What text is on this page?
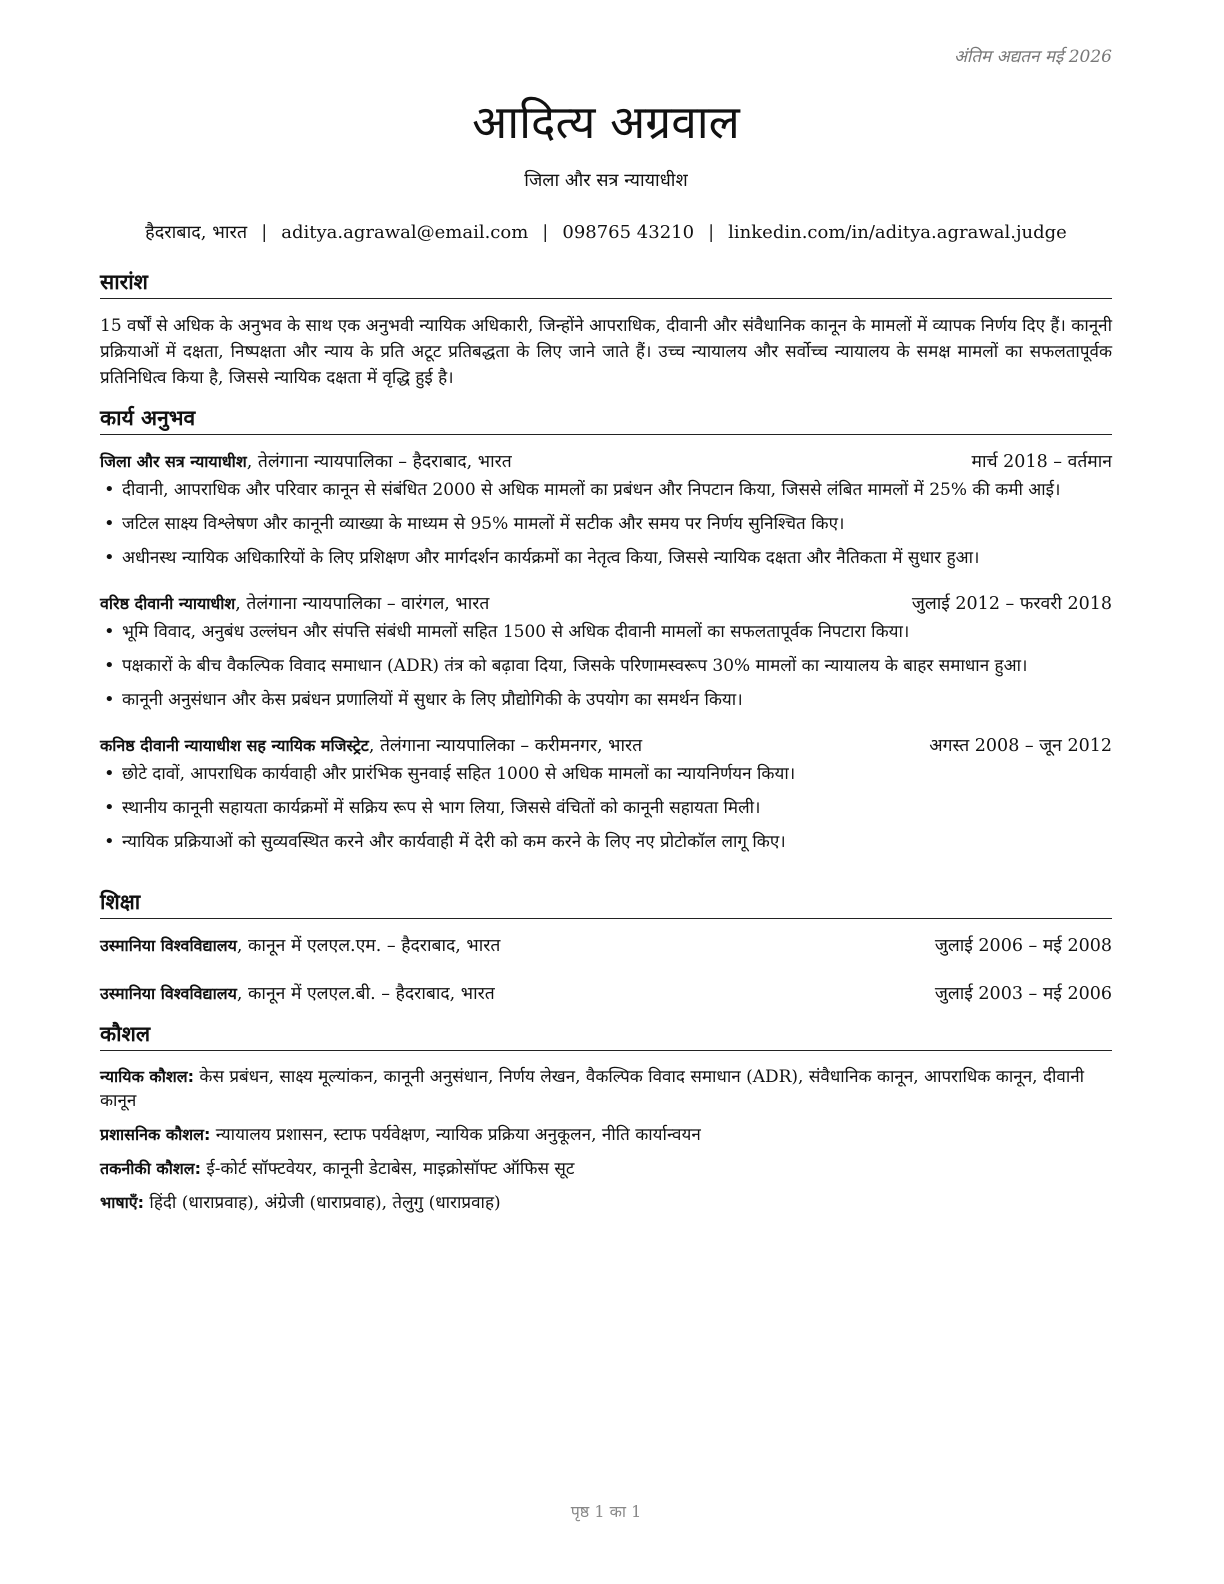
अंतिम अद्यतन मई 2026
आदित्य अग्रवाल
जिला और सत्र न्यायाधीश
हैदराबाद, भारत | aditya.agrawal@email.com | 098765 43210 | linkedin.com/in/aditya.agrawal.judge
सारांश
15 वर्षों से अधिक के अनुभव के साथ एक अनुभवी न्यायिक अधिकारी, जिन्होंने आपराधिक, दीवानी और संवैधानिक कानून के मामलों में व्यापक निर्णय दिए हैं। कानूनी प्रक्रियाओं में दक्षता, निष्पक्षता और न्याय के प्रति अटूट प्रतिबद्धता के लिए जाने जाते हैं। उच्च न्यायालय और सर्वोच्च न्यायालय के समक्ष मामलों का सफलतापूर्वक प्रतिनिधित्व किया है, जिससे न्यायिक दक्षता में वृद्धि हुई है।
कार्य अनुभव
जिला और सत्र न्यायाधीश, तेलंगाना न्यायपालिका – हैदराबाद, भारत	मार्च 2018 – वर्तमान
• दीवानी, आपराधिक और परिवार कानून से संबंधित 2000 से अधिक मामलों का प्रबंधन और निपटान किया, जिससे लंबित मामलों में 25% की कमी आई।
• जटिल साक्ष्य विश्लेषण और कानूनी व्याख्या के माध्यम से 95% मामलों में सटीक और समय पर निर्णय सुनिश्चित किए।
• अधीनस्थ न्यायिक अधिकारियों के लिए प्रशिक्षण और मार्गदर्शन कार्यक्रमों का नेतृत्व किया, जिससे न्यायिक दक्षता और नैतिकता में सुधार हुआ।
वरिष्ठ दीवानी न्यायाधीश, तेलंगाना न्यायपालिका – वारंगल, भारत	जुलाई 2012 – फरवरी 2018
• भूमि विवाद, अनुबंध उल्लंघन और संपत्ति संबंधी मामलों सहित 1500 से अधिक दीवानी मामलों का सफलतापूर्वक निपटारा किया।
• पक्षकारों के बीच वैकल्पिक विवाद समाधान (ADR) तंत्र को बढ़ावा दिया, जिसके परिणामस्वरूप 30% मामलों का न्यायालय के बाहर समाधान हुआ।
• कानूनी अनुसंधान और केस प्रबंधन प्रणालियों में सुधार के लिए प्रौद्योगिकी के उपयोग का समर्थन किया।
कनिष्ठ दीवानी न्यायाधीश सह न्यायिक मजिस्ट्रेट, तेलंगाना न्यायपालिका – करीमनगर, भारत	अगस्त 2008 – जून 2012
• छोटे दावों, आपराधिक कार्यवाही और प्रारंभिक सुनवाई सहित 1000 से अधिक मामलों का न्यायनिर्णयन किया।
• स्थानीय कानूनी सहायता कार्यक्रमों में सक्रिय रूप से भाग लिया, जिससे वंचितों को कानूनी सहायता मिली।
• न्यायिक प्रक्रियाओं को सुव्यवस्थित करने और कार्यवाही में देरी को कम करने के लिए नए प्रोटोकॉल लागू किए।
शिक्षा
उस्मानिया विश्वविद्यालय, कानून में एलएल.एम. – हैदराबाद, भारत	जुलाई 2006 – मई 2008
उस्मानिया विश्वविद्यालय, कानून में एलएल.बी. – हैदराबाद, भारत	जुलाई 2003 – मई 2006
कौशल
न्यायिक कौशल: केस प्रबंधन, साक्ष्य मूल्यांकन, कानूनी अनुसंधान, निर्णय लेखन, वैकल्पिक विवाद समाधान (ADR), संवैधानिक कानून, आपराधिक कानून, दीवानी कानून
प्रशासनिक कौशल: न्यायालय प्रशासन, स्टाफ पर्यवेक्षण, न्यायिक प्रक्रिया अनुकूलन, नीति कार्यान्वयन
तकनीकी कौशल: ई-कोर्ट सॉफ्टवेयर, कानूनी डेटाबेस, माइक्रोसॉफ्ट ऑफिस सूट
भाषाएँ: हिंदी (धाराप्रवाह), अंग्रेजी (धाराप्रवाह), तेलुगु (धाराप्रवाह)
पृष्ठ 1 का 1
